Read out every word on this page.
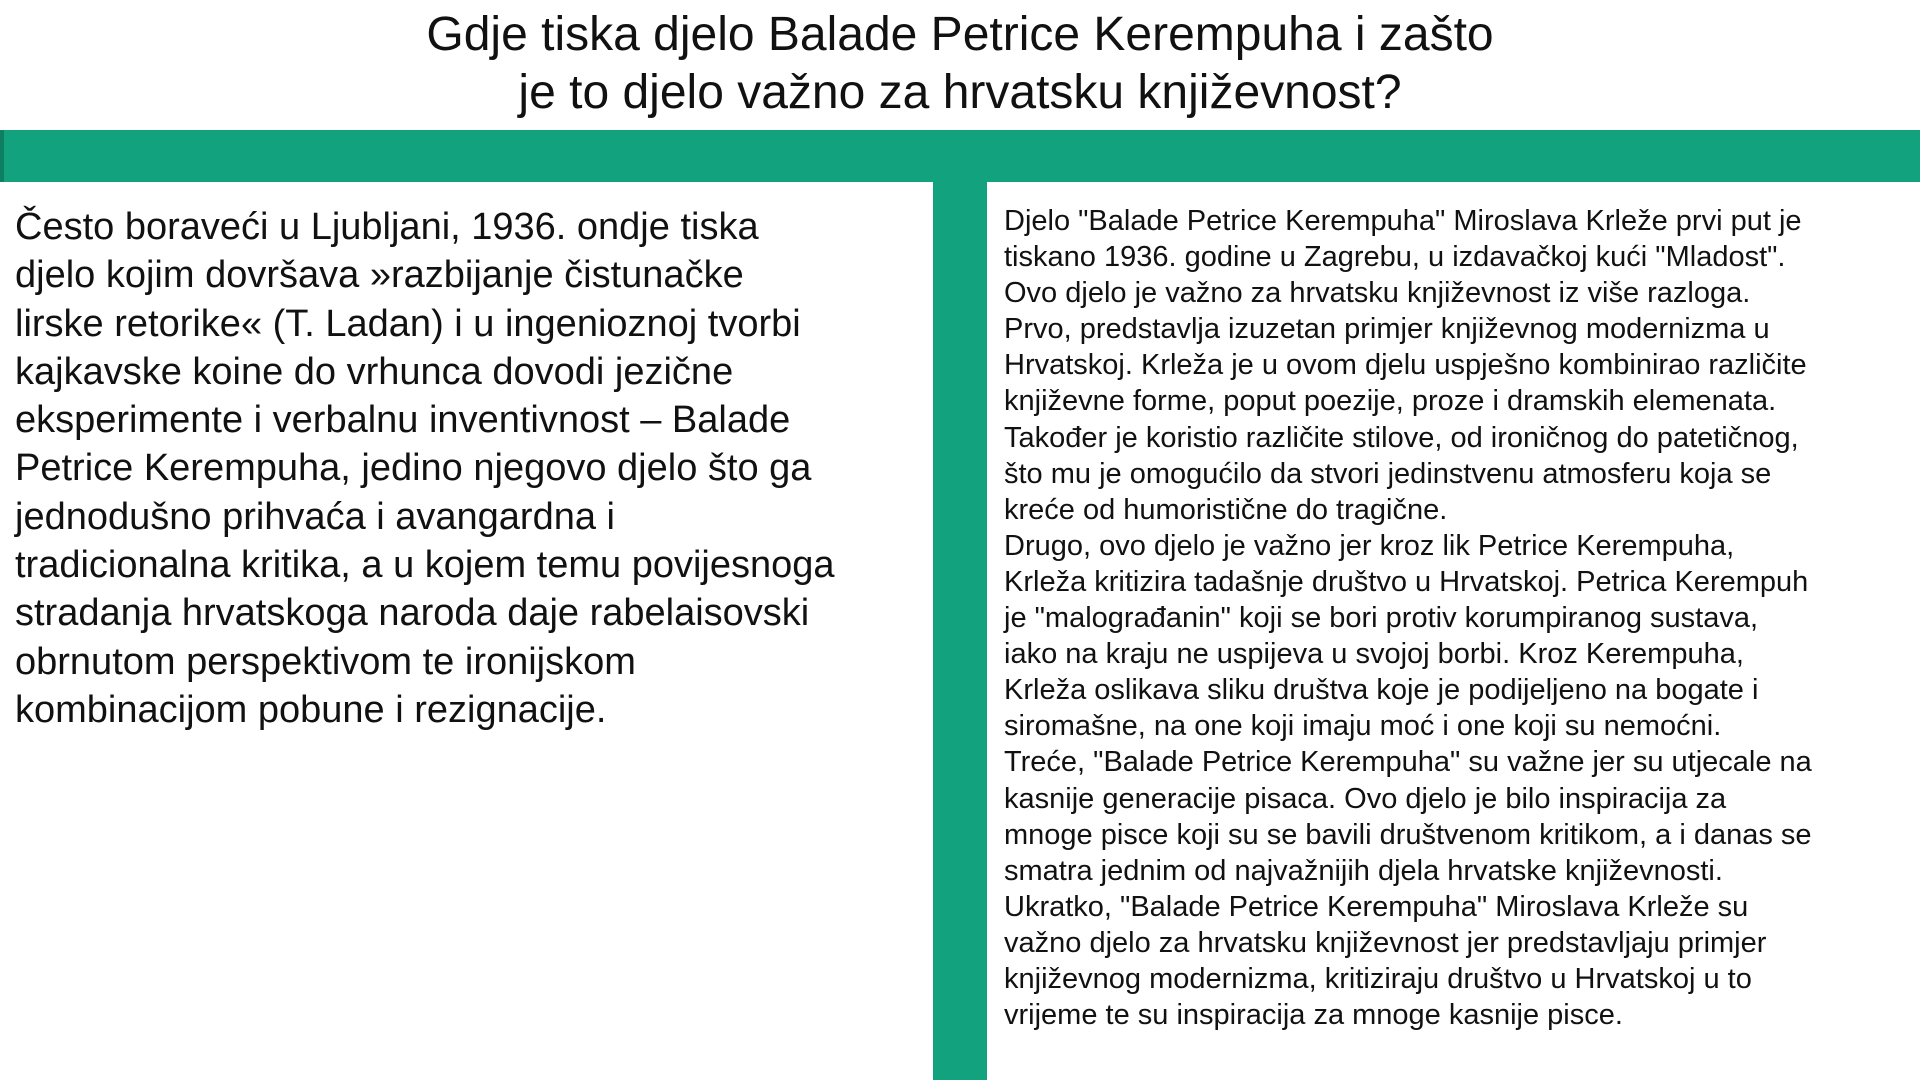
Gdje tiska djelo Balade Petrice Kerempuha i zašto
je to djelo važno za hrvatsku književnost?
Često boraveći u Ljubljani, 1936. ondje tiska
djelo kojim dovršava »razbijanje čistunačke
lirske retorike« (T. Ladan) i u ingenioznoj tvorbi
kajkavske koine do vrhunca dovodi jezične
eksperimente i verbalnu inventivnost – Balade
Petrice Kerempuha, jedino njegovo djelo što ga
jednodušno prihvaća i avangardna i
tradicionalna kritika, a u kojem temu povijesnoga
stradanja hrvatskoga naroda daje rabelaisovski
obrnutom perspektivom te ironijskom
kombinacijom pobune i rezignacije.
Djelo "Balade Petrice Kerempuha" Miroslava Krleže prvi put je
tiskano 1936. godine u Zagrebu, u izdavačkoj kući "Mladost".
Ovo djelo je važno za hrvatsku književnost iz više razloga.
Prvo, predstavlja izuzetan primjer književnog modernizma u
Hrvatskoj. Krleža je u ovom djelu uspješno kombinirao različite
književne forme, poput poezije, proze i dramskih elemenata.
Također je koristio različite stilove, od ironičnog do patetičnog,
što mu je omogućilo da stvori jedinstvenu atmosferu koja se
kreće od humoristične do tragične.
Drugo, ovo djelo je važno jer kroz lik Petrice Kerempuha,
Krleža kritizira tadašnje društvo u Hrvatskoj. Petrica Kerempuh
je "malograđanin" koji se bori protiv korumpiranog sustava,
iako na kraju ne uspijeva u svojoj borbi. Kroz Kerempuha,
Krleža oslikava sliku društva koje je podijeljeno na bogate i
siromašne, na one koji imaju moć i one koji su nemoćni.
Treće, "Balade Petrice Kerempuha" su važne jer su utjecale na
kasnije generacije pisaca. Ovo djelo je bilo inspiracija za
mnoge pisce koji su se bavili društvenom kritikom, a i danas se
smatra jednim od najvažnijih djela hrvatske književnosti.
Ukratko, "Balade Petrice Kerempuha" Miroslava Krleže su
važno djelo za hrvatsku književnost jer predstavljaju primjer
književnog modernizma, kritiziraju društvo u Hrvatskoj u to
vrijeme te su inspiracija za mnoge kasnije pisce.
